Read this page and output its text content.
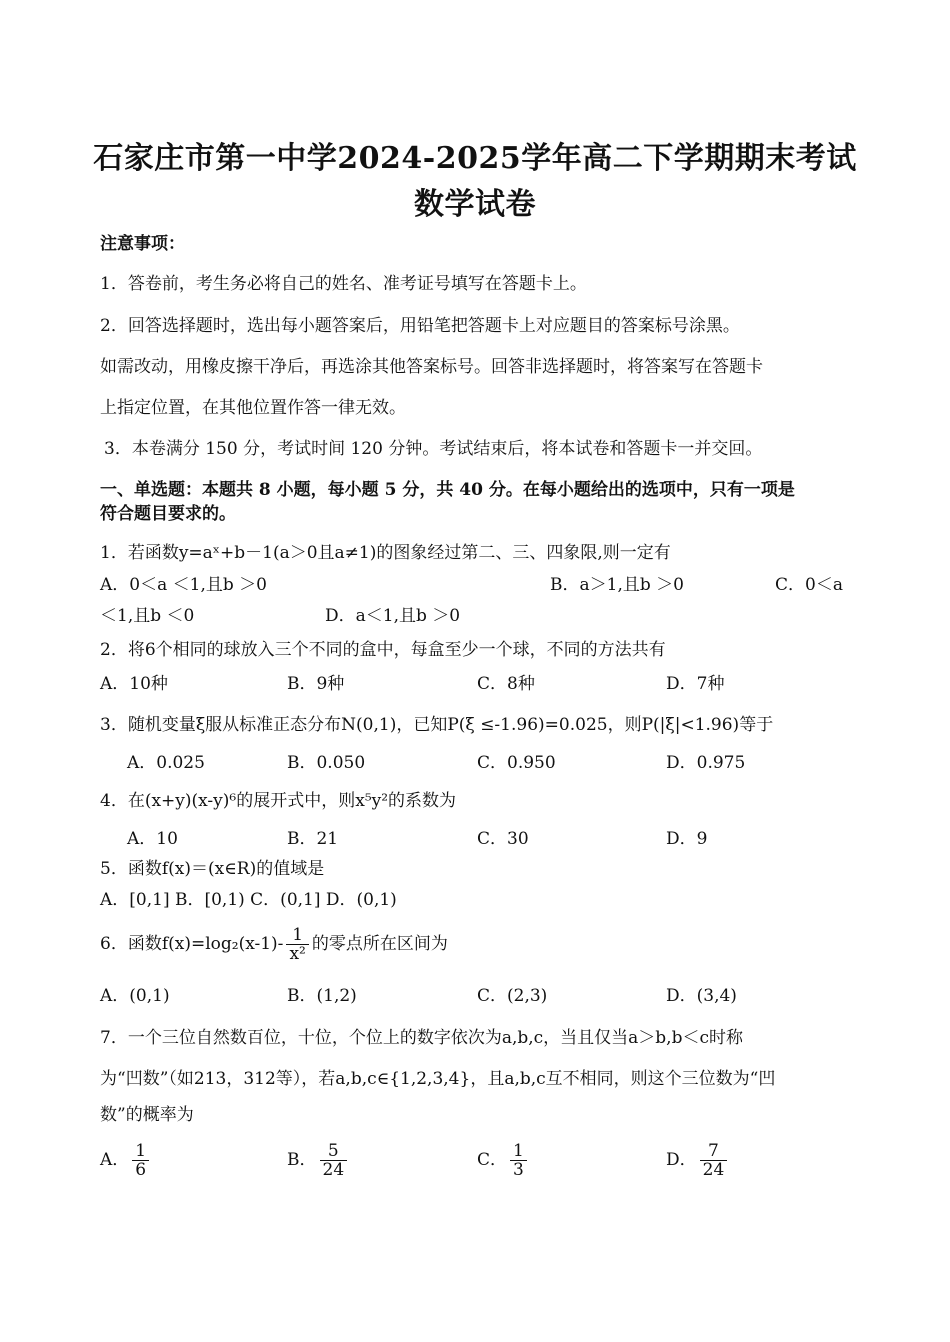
石家庄市第一中学2024-2025学年高二下学期期末考试
数学试卷
注意事项：
1．答卷前，考生务必将自己的姓名、准考证号填写在答题卡上。
2．回答选择题时，选出每小题答案后，用铅笔把答题卡上对应题目的答案标号涂黑。
如需改动，用橡皮擦干净后，再选涂其他答案标号。回答非选择题时，将答案写在答题卡
上指定位置，在其他位置作答一律无效。
3．本卷满分 150 分，考试时间 120 分钟。考试结束后，将本试卷和答题卡一并交回。
一、单选题：本题共 8 小题，每小题 5 分，共 40 分。在每小题给出的选项中，只有一项是
符合题目要求的。
1．若函数y=aˣ+b－1(a＞0且a≠1)的图象经过第二、三、四象限,则一定有
A．0＜a ＜1,且b ＞0	B．a＞1,且b ＞0	C．0＜a
＜1,且b ＜0	D．a＜1,且b ＞0
2．将6个相同的球放入三个不同的盒中，每盒至少一个球，不同的方法共有
A．10种	B．9种	C．8种	D．7种
3．随机变量ξ服从标准正态分布N(0,1)，已知P(ξ ≤-1.96)=0.025，则P(|ξ|<1.96)等于
A．0.025	B．0.050	C．0.950	D．0.975
4．在(x+y)(x-y)⁶的展开式中，则x⁵y²的系数为
A．10	B．21	C．30	D．9
5．函数f(x)＝(x∈R)的值域是
A．[0,1] B．[0,1) C．(0,1] D．(0,1)
6．函数$f(x)=\log_2(x-1)- \frac{1}{\text{x²}}$ 的零点所在区间为
A．(0,1)	B．(1,2)	C．(2,3)	D．(3,4)
7．一个三位自然数百位，十位，个位上的数字依次为a,b,c，当且仅当a＞b,b＜c时称
为“凹数”（如213，312等），若a,b,c∈{1,2,3,4}，且a,b,c互不相同，则这个三位数为“凹
数”的概率为
A． $\frac{1}{6}$	B． $\frac{5}{24}$	C． $\frac{1}{3}$	D． $\frac{7}{24}$
